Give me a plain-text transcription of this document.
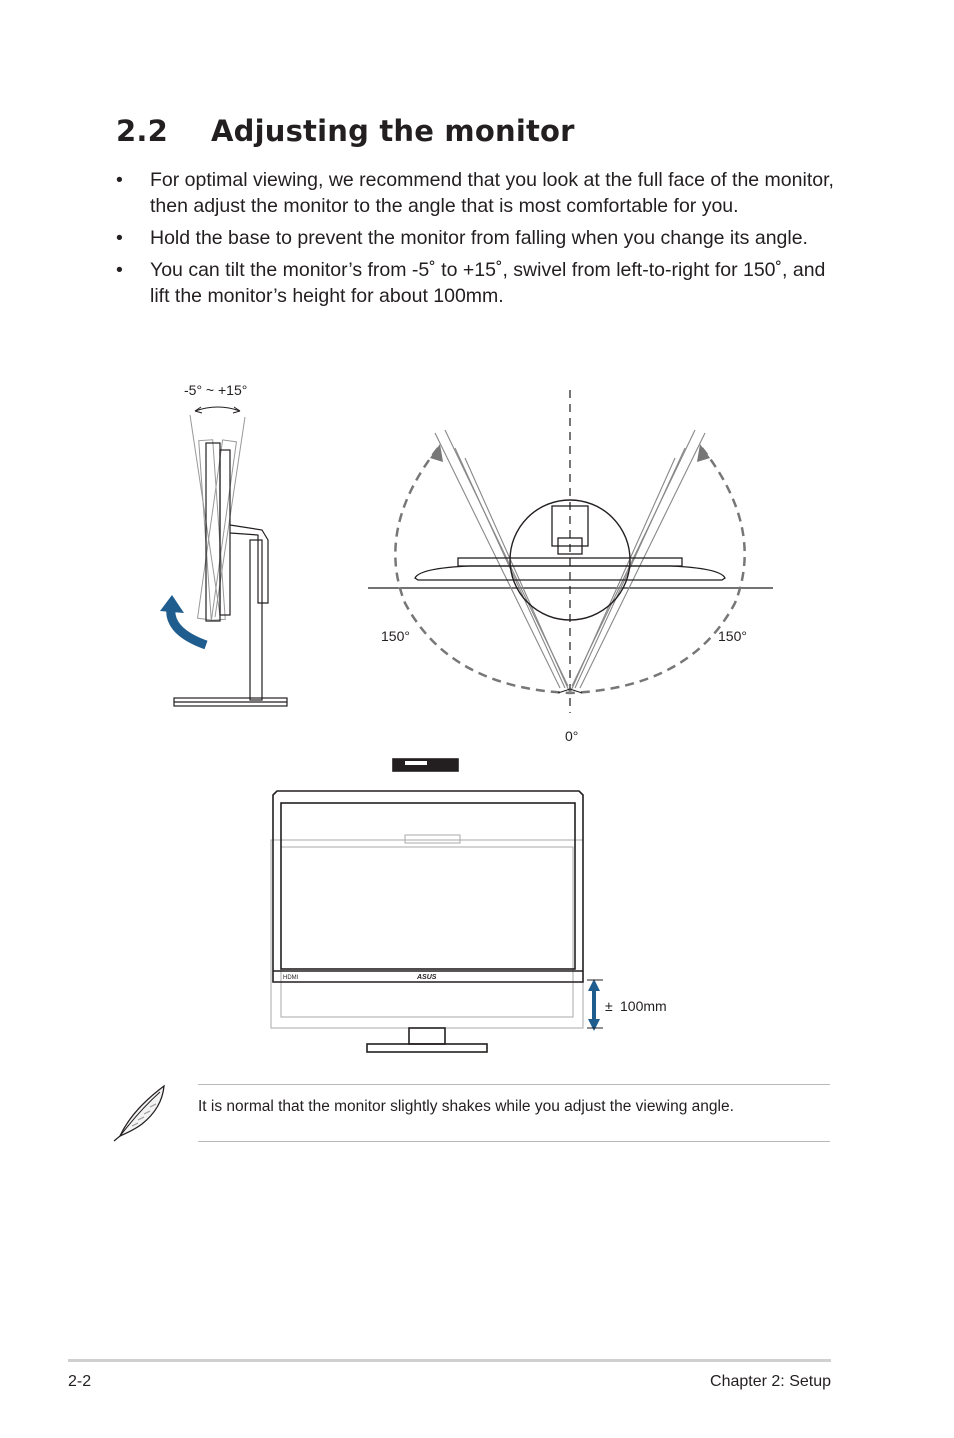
2.2 Adjusting the monitor
• For optimal viewing, we recommend that you look at the full face of the monitor, then adjust the monitor to the angle that is most comfortable for you.
• Hold the base to prevent the monitor from falling when you change its angle.
• You can tilt the monitor’s from -5˚ to +15˚, swivel from left-to-right for 150˚, and lift the monitor’s height for about 100mm.
-5° ~ +15°
150°	150°
0°
HDMI	ASUS
± 100mm
It is normal that the monitor slightly shakes while you adjust the viewing angle.
2-2	Chapter 2: Setup
